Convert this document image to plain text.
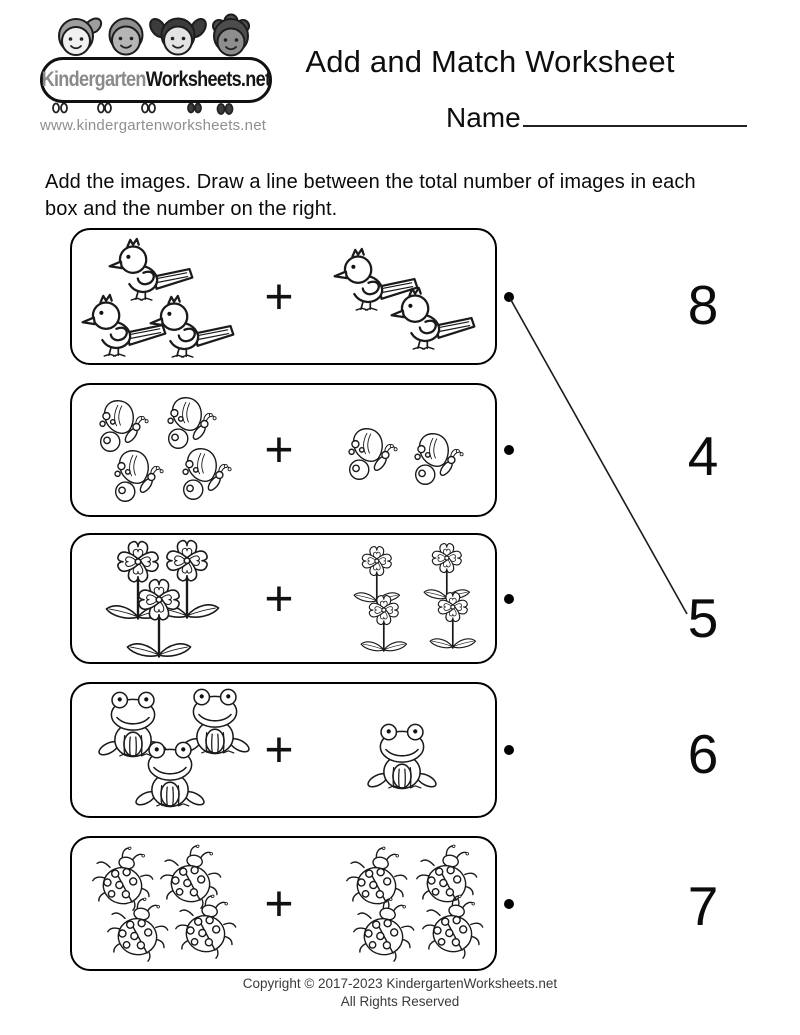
KindergartenWorksheets.net
www.kindergartenworksheets.net
Add and Match Worksheet
Name

Add the images. Draw a line between the total number of images in each
box and the number on the right.

+
+
+
+
+
Copyright © 2017-2023 KindergartenWorksheets.net
All Rights Reserved
8
4
5
6
7
